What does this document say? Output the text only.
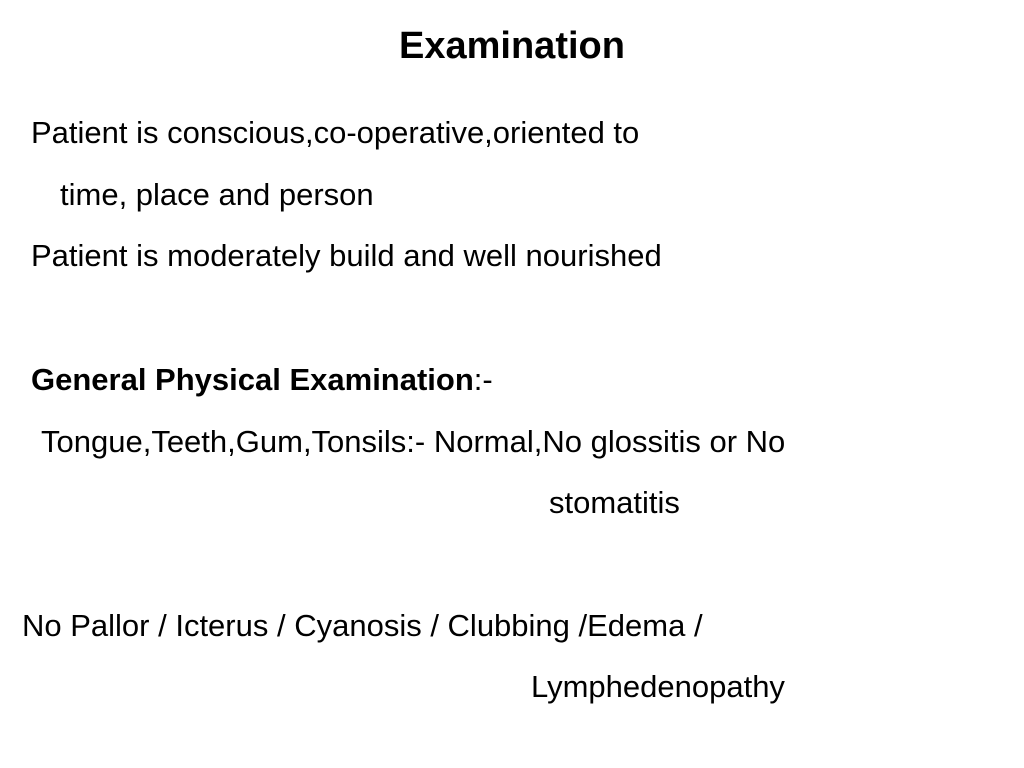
Examination
Patient is conscious,co-operative,oriented to
time, place and person
Patient is moderately build and well nourished
General Physical Examination:-
Tongue,Teeth,Gum,Tonsils:- Normal,No glossitis or No
stomatitis
No Pallor / Icterus / Cyanosis / Clubbing /Edema /
Lymphedenopathy
